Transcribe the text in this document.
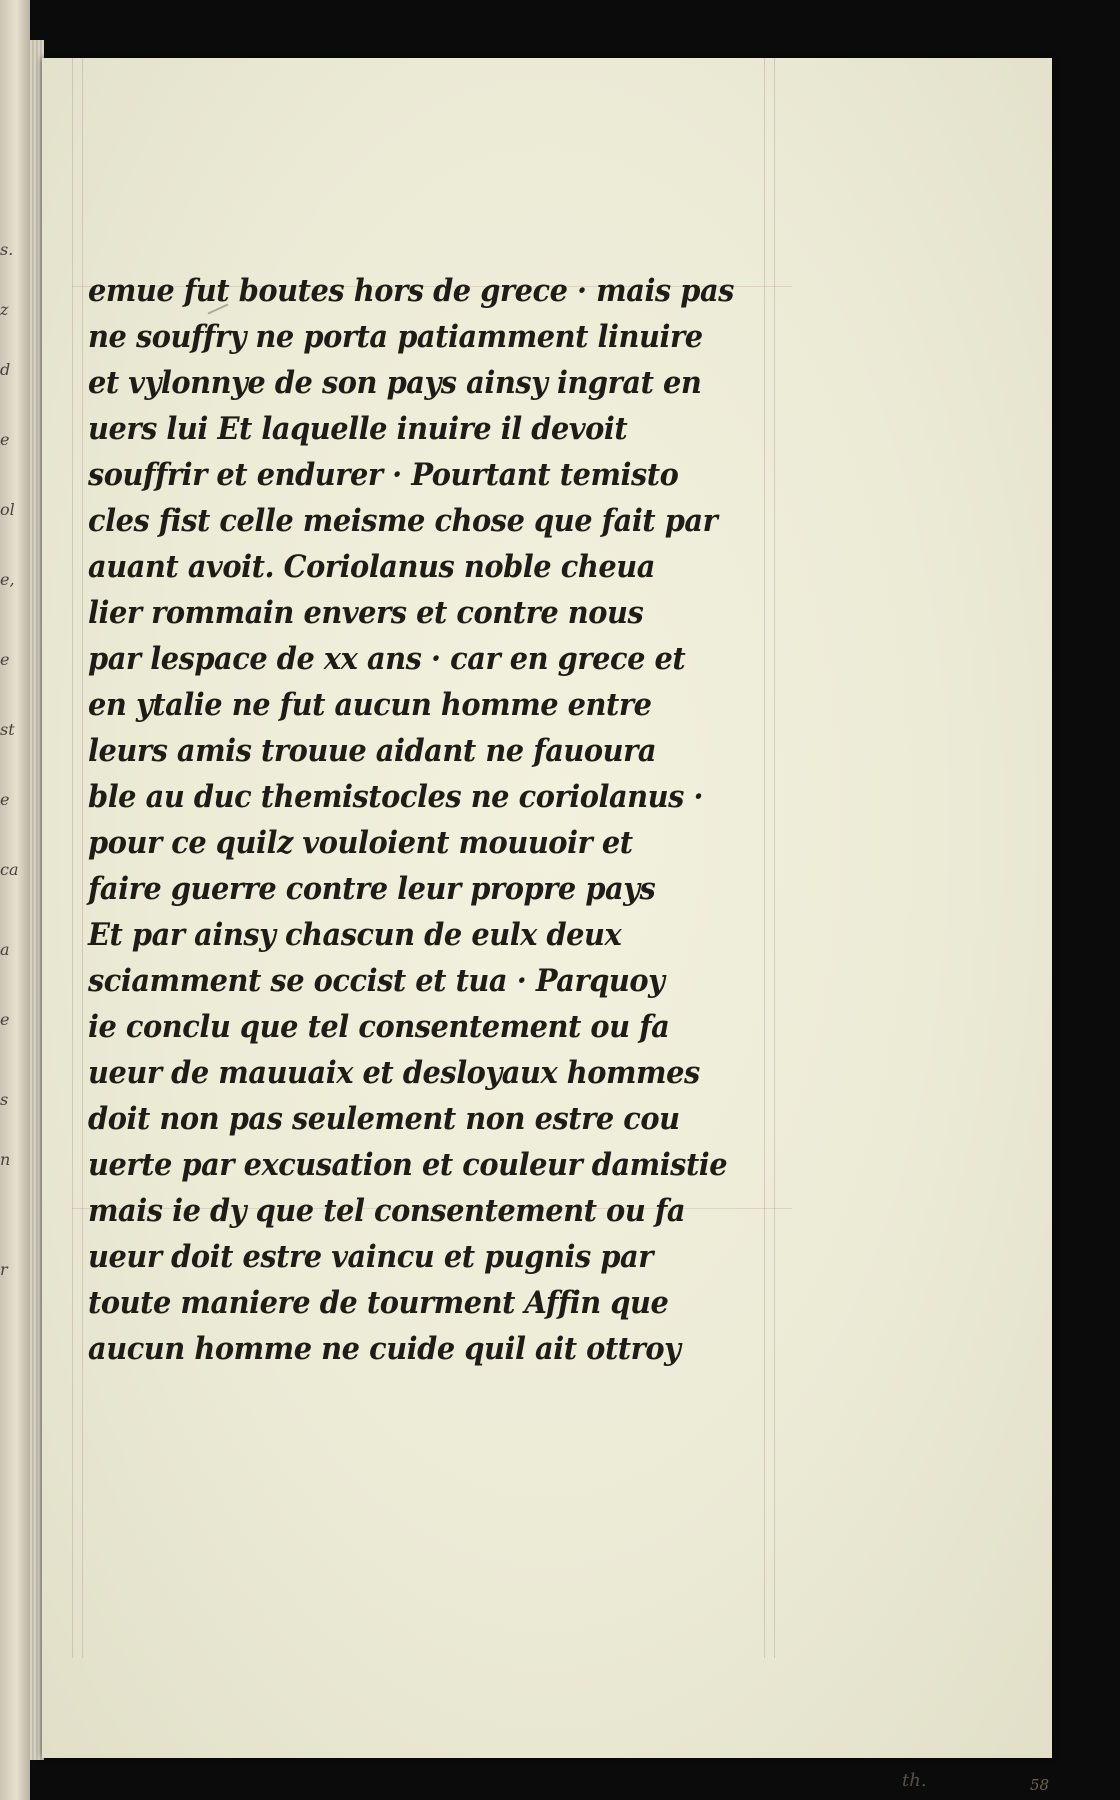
s.
z
d
e
ol
e,
e
st
e
ca
a
e
s
n
r
58
th.
emue fut boutes hors de grece · mais pas
ne souffry ne porta patiamment linuire
et vylonnye de son pays ainsy ingrat en
uers lui Et laquelle inuire il devoit
souffrir et endurer · Pourtant temisto
cles fist celle meisme chose que fait par
auant avoit. Coriolanus noble cheua
lier rommain envers et contre nous
par lespace de xx ans · car en grece et
en ytalie ne fut aucun homme entre
leurs amis trouue aidant ne fauoura
ble au duc themistocles ne coriolanus ·
pour ce quilz vouloient mouuoir et
faire guerre contre leur propre pays
Et par ainsy chascun de eulx deux
sciamment se occist et tua · Parquoy
ie conclu que tel consentement ou fa
ueur de mauuaix et desloyaux hommes
doit non pas seulement non estre cou
uerte par excusation et couleur damistie
mais ie dy que tel consentement ou fa
ueur doit estre vaincu et pugnis par
toute maniere de tourment Affin que
aucun homme ne cuide quil ait ottroy
